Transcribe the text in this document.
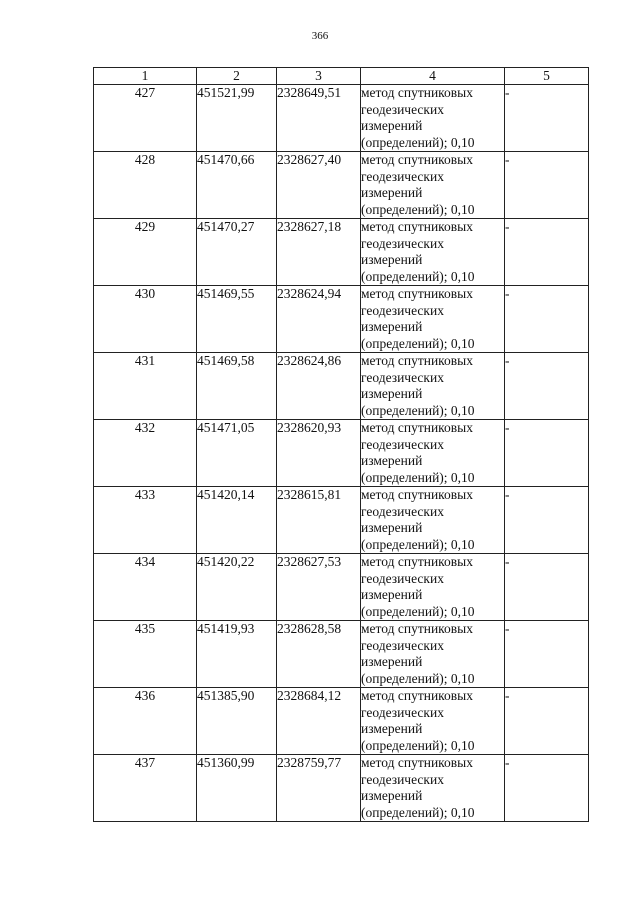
366
1	2	3	4	5
427	451521,99	2328649,51	метод спутниковых
геодезических
измерений
(определений); 0,10	-
428	451470,66	2328627,40	метод спутниковых
геодезических
измерений
(определений); 0,10	-
429	451470,27	2328627,18	метод спутниковых
геодезических
измерений
(определений); 0,10	-
430	451469,55	2328624,94	метод спутниковых
геодезических
измерений
(определений); 0,10	-
431	451469,58	2328624,86	метод спутниковых
геодезических
измерений
(определений); 0,10	-
432	451471,05	2328620,93	метод спутниковых
геодезических
измерений
(определений); 0,10	-
433	451420,14	2328615,81	метод спутниковых
геодезических
измерений
(определений); 0,10	-
434	451420,22	2328627,53	метод спутниковых
геодезических
измерений
(определений); 0,10	-
435	451419,93	2328628,58	метод спутниковых
геодезических
измерений
(определений); 0,10	-
436	451385,90	2328684,12	метод спутниковых
геодезических
измерений
(определений); 0,10	-
437	451360,99	2328759,77	метод спутниковых
геодезических
измерений
(определений); 0,10	-
